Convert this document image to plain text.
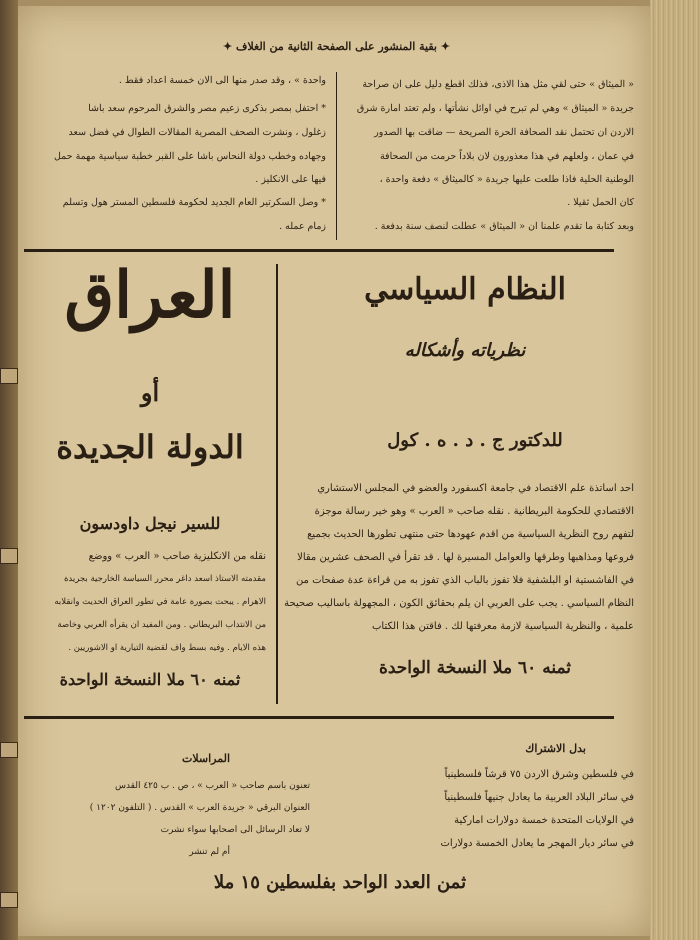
✦ بقية المنشور على الصفحة الثانية من الغلاف ✦
« الميثاق » حتى لقي مثل هذا الاذى، فذلك اقطع دليل على ان صراحة
جريدة « الميثاق » وهي لم تبرح في اوائل نشأتها ، ولم تعتد امارة شرق
الاردن ان تحتمل نقد الصحافة الحرة الصريحة — ضاقت بها الصدور
في عمان ، ولعلهم في هذا معذورون لان بلاداً حرمت من الصحافة
الوطنية الحلية فاذا طلعت عليها جريدة « كالميثاق » دفعة واحدة ،
كان الحمل ثقيلا .
وبعد كتابة ما تقدم علمنا ان « الميثاق » عطلت لنصف سنة بدفعة .
واحدة » ، وقد صدر منها الى الان خمسة اعداد فقط .
* احتفل بمصر بذكرى زعيم مصر والشرق المرحوم سعد باشا
زغلول ، ونشرت الصحف المصرية المقالات الطوال في فضل سعد
وجهاده وخطب دولة النحاس باشا على القبر خطبة سياسية مهمة حمل
فيها على الانكليز .
* وصل السكرتير العام الجديد لحكومة فلسطين المستر هول وتسلم
زمام عمله .
النظام السياسي
نظرياته وأشكاله
للدكتور ج . د . ه . كول
احد اساتذة علم الاقتصاد في جامعة اكسفورد والعضو في المجلس الاستشاري
الاقتصادي للحكومة البريطانية . نقله صاحب « العرب » وهو خير رسالة موجزة
لتفهم روح النظرية السياسية من اقدم عهودها حتى منتهى تطورها الحديث بجميع
فروعها ومذاهبها وطرقها والعوامل المسيرة لها . قد تقرأ في الصحف عشرين مقالا
في الفاشستية او البلشفية فلا تفوز بالباب الذي تفوز به من قراءة عدة صفحات من
النظام السياسي . يجب على العربي ان يلم بحقائق الكون ، المجهولة باساليب صحيحة
علمية ، والنظرية السياسية لازمة معرفتها لك . فاقتن هذا الكتاب
ثمنه ٦٠ ملا النسخة الواحدة
العراق
أو
الدولة الجديدة
للسير نيجل داودسون
نقله من الانكليزية صاحب « العرب » ووضع
مقدمته الاستاذ اسعد داغر محرر السياسة الخارجية بجريدة
الاهرام . يبحث بصورة عامة في تطور العراق الحديث وانقلابه
من الانتداب البريطاني . ومن المفيد ان يقرأه العربي وخاصة
هذه الايام . وفيه بسط واف لقضية التيارية او الاشوريين .
ثمنه ٦٠ ملا النسخة الواحدة
بدل الاشتراك
في فلسطين وشرق الاردن ٧٥ قرشاً فلسطينياً
في سائر البلاد العربية ما يعادل جنيهاً فلسطينياً
في الولايات المتحدة خمسة دولارات اماركية
في سائر ديار المهجر ما يعادل الخمسة دولارات
المراسلات
تعنون باسم صاحب « العرب » ، ص . ب ٤٢٥ القدس
العنوان البرقي « جريدة العرب » القدس . ( التلفون ١٢٠٢ )
لا تعاد الرسائل الى اصحابها سواء نشرت
أم لم تنشر
ثمن العدد الواحد بفلسطين ١٥ ملا
